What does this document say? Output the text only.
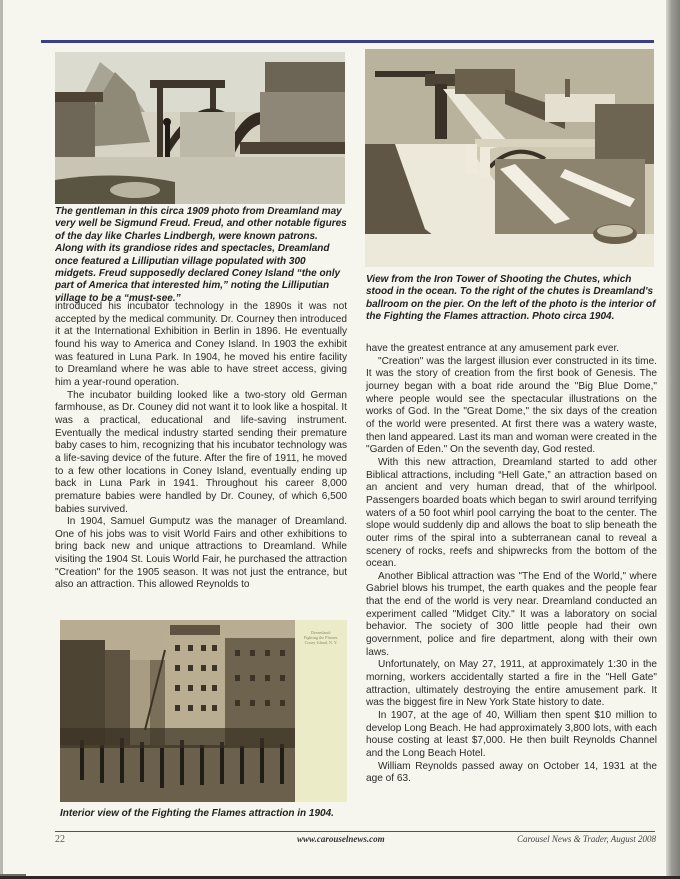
The gentleman in this circa 1909 photo from Dreamland may very well be Sigmund Freud. Freud, and other notable figures of the day like Charles Lindbergh, were known patrons. Along with its grandiose rides and spectacles, Dreamland once featured a Lilliputian village populated with 300 midgets. Freud supposedly declared Coney Island “the only part of America that interested him,” noting the Lilliputian village to be a “must-see.”
View from the Iron Tower of Shooting the Chutes, which stood in the ocean. To the right of the chutes is Dreamland's ballroom on the pier. On the left of the photo is the interior of the Fighting the Flames attraction. Photo circa 1904.

introduced his incubator technology in the 1890s it was not accepted by the medical community. Dr. Courney then introduced it at the International Exhibition in Berlin in 1896. He eventually found his way to America and Coney Island. In 1903 the exhibit was featured in Luna Park. In 1904, he moved his entire facility to Dreamland where he was able to have street access, giving him a year-round operation.

The incubator building looked like a two-story old German farmhouse, as Dr. Couney did not want it to look like a hospital. It was a practical, educational and life-saving instrument. Eventually the medical industry started sending their premature baby cases to him, recognizing that his incubator technology was a life-saving device of the future. After the fire of 1911, he moved to a few other locations in Coney Island, eventually ending up back in Luna Park in 1941. Throughout his career 8,000 premature babies were handled by Dr. Couney, of which 6,500 babies survived.

In 1904, Samuel Gumputz was the manager of Dreamland. One of his jobs was to visit World Fairs and other exhibitions to bring back new and unique attractions to Dreamland. While visiting the 1904 St. Louis World Fair, he purchased the attraction "Creation" for the 1905 season. It was not just the entrance, but also an attraction. This allowed Reynolds to

Dreamland:
Fighting the Flames.
Coney Island, N. Y.
Interior view of the Fighting the Flames attraction in 1904.

have the greatest entrance at any amusement park ever.

"Creation" was the largest illusion ever constructed in its time. It was the story of creation from the first book of Genesis. The journey began with a boat ride around the "Big Blue Dome," where people would see the spectacular illustrations on the works of God. In the "Great Dome," the six days of the creation of the world were presented. At first there was a watery waste, then land appeared. Last its man and woman were created in the "Garden of Eden." On the seventh day, God rested.

With this new attraction, Dreamland started to add other Biblical attractions, including “Hell Gate,” an attraction based on an ancient and very human dread, that of the whirlpool. Passengers boarded boats which began to swirl around terrifying waters of a 50 foot whirl pool carrying the boat to the center. The slope would suddenly dip and allows the boat to slip beneath the outer rims of the spiral into a subterranean canal to reveal a scenery of rocks, reefs and shipwrecks from the bottom of the ocean.

Another Biblical attraction was "The End of the World," where Gabriel blows his trumpet, the earth quakes and the people fear that the end of the world is very near. Dreamland conducted an experiment called "Midget City." It was a laboratory on social behavior. The society of 300 little people had their own government, police and fire department, along with their own laws.

Unfortunately, on May 27, 1911, at approximately 1:30 in the morning, workers accidentally started a fire in the "Hell Gate" attraction, ultimately destroying the entire amusement park. It was the biggest fire in New York State history to date.

In 1907, at the age of 40, William then spent $10 million to develop Long Beach. He had approximately 3,800 lots, with each house costing at least $7,000. He then built Reynolds Channel and the Long Beach Hotel.

William Reynolds passed away on October 14, 1931 at the age of 63.

22	www.carouselnews.com	Carousel News & Trader, August 2008
